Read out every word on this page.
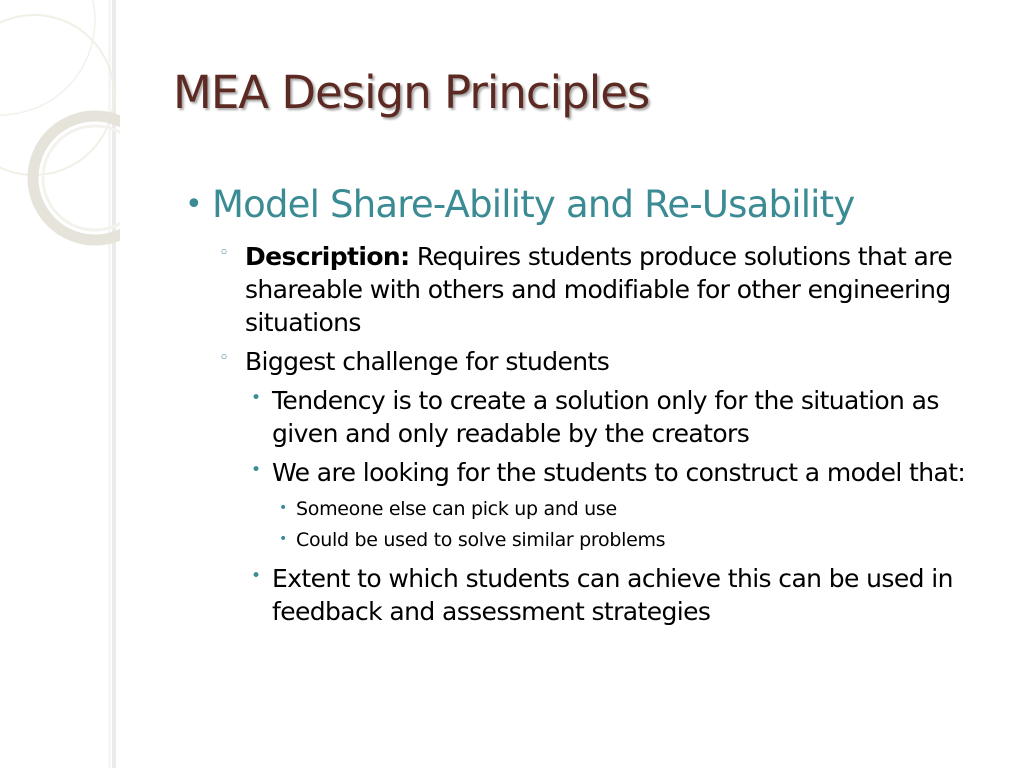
MEA Design Principles
• Model Share-Ability and Re-Usability
◦ Description: Requires students produce solutions that are shareable with others and modifiable for other engineering situations
◦ Biggest challenge for students
• Tendency is to create a solution only for the situation as given and only readable by the creators
• We are looking for the students to construct a model that:
• Someone else can pick up and use
• Could be used to solve similar problems
• Extent to which students can achieve this can be used in feedback and assessment strategies
